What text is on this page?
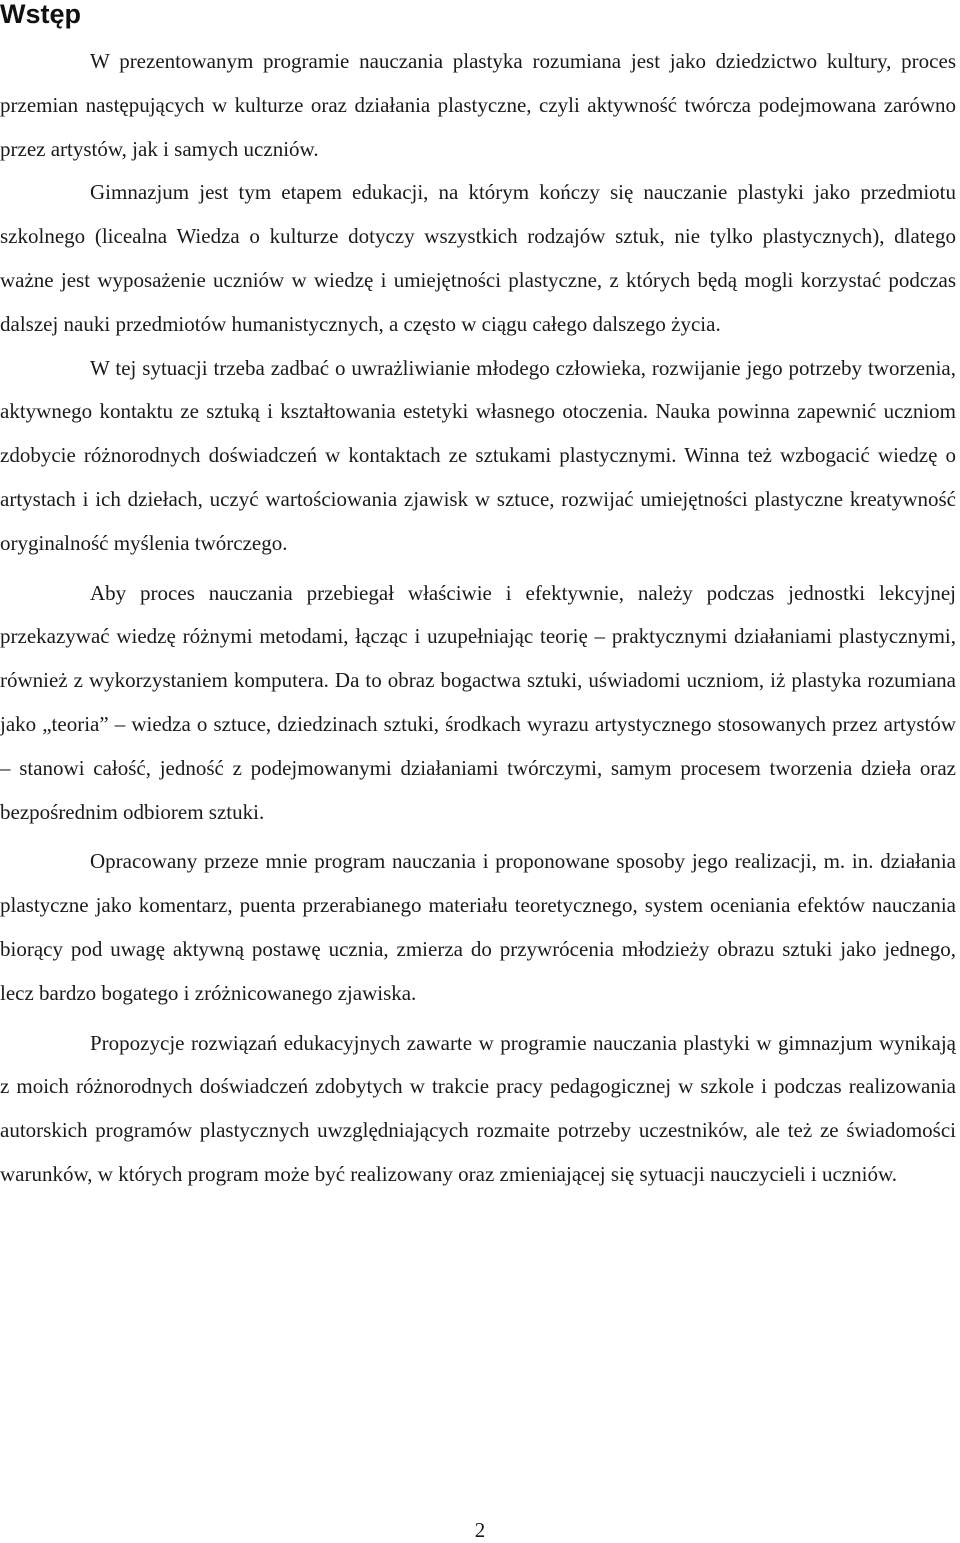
Wstęp

W prezentowanym programie nauczania plastyka rozumiana jest jako dziedzictwo kultury, proces przemian następujących w kulturze oraz działania plastyczne, czyli aktywność twórcza podejmowana zarówno przez artystów, jak i samych uczniów.

Gimnazjum jest tym etapem edukacji, na którym kończy się nauczanie plastyki jako przedmiotu szkolnego (licealna Wiedza o kulturze dotyczy wszystkich rodzajów sztuk, nie tylko plastycznych), dlatego ważne jest wyposażenie uczniów w wiedzę i umiejętności plastyczne, z których będą mogli korzystać podczas dalszej nauki przedmiotów humanistycznych, a często w ciągu całego dalszego życia.

W tej sytuacji trzeba zadbać o uwrażliwianie młodego człowieka, rozwijanie jego potrzeby tworzenia, aktywnego kontaktu ze sztuką i kształtowania estetyki własnego otoczenia. Nauka powinna zapewnić uczniom zdobycie różnorodnych doświadczeń w kontaktach ze sztukami plastycznymi. Winna też wzbogacić wiedzę o artystach i ich dziełach, uczyć wartościowania zjawisk w sztuce, rozwijać umiejętności plastyczne kreatywność oryginalność myślenia twórczego.

Aby proces nauczania przebiegał właściwie i efektywnie, należy podczas jednostki lekcyjnej przekazywać wiedzę różnymi metodami, łącząc i uzupełniając teorię – praktycznymi działaniami plastycznymi, również z wykorzystaniem komputera. Da to obraz bogactwa sztuki, uświadomi uczniom, iż plastyka rozumiana jako „teoria” – wiedza o sztuce, dziedzinach sztuki, środkach wyrazu artystycznego stosowanych przez artystów – stanowi całość, jedność z podejmowanymi działaniami twórczymi, samym procesem tworzenia dzieła oraz bezpośrednim odbiorem sztuki.

Opracowany przeze mnie program nauczania i proponowane sposoby jego realizacji, m. in. działania plastyczne jako komentarz, puenta przerabianego materiału teoretycznego, system oceniania efektów nauczania biorący pod uwagę aktywną postawę ucznia, zmierza do przywrócenia młodzieży obrazu sztuki jako jednego, lecz bardzo bogatego i zróżnicowanego zjawiska.

Propozycje rozwiązań edukacyjnych zawarte w programie nauczania plastyki w gimnazjum wynikają z moich różnorodnych doświadczeń zdobytych w trakcie pracy pedagogicznej w szkole i podczas realizowania autorskich programów plastycznych uwzględniających rozmaite potrzeby uczestników, ale też ze świadomości warunków, w których program może być realizowany oraz zmieniającej się sytuacji nauczycieli i uczniów.

2
